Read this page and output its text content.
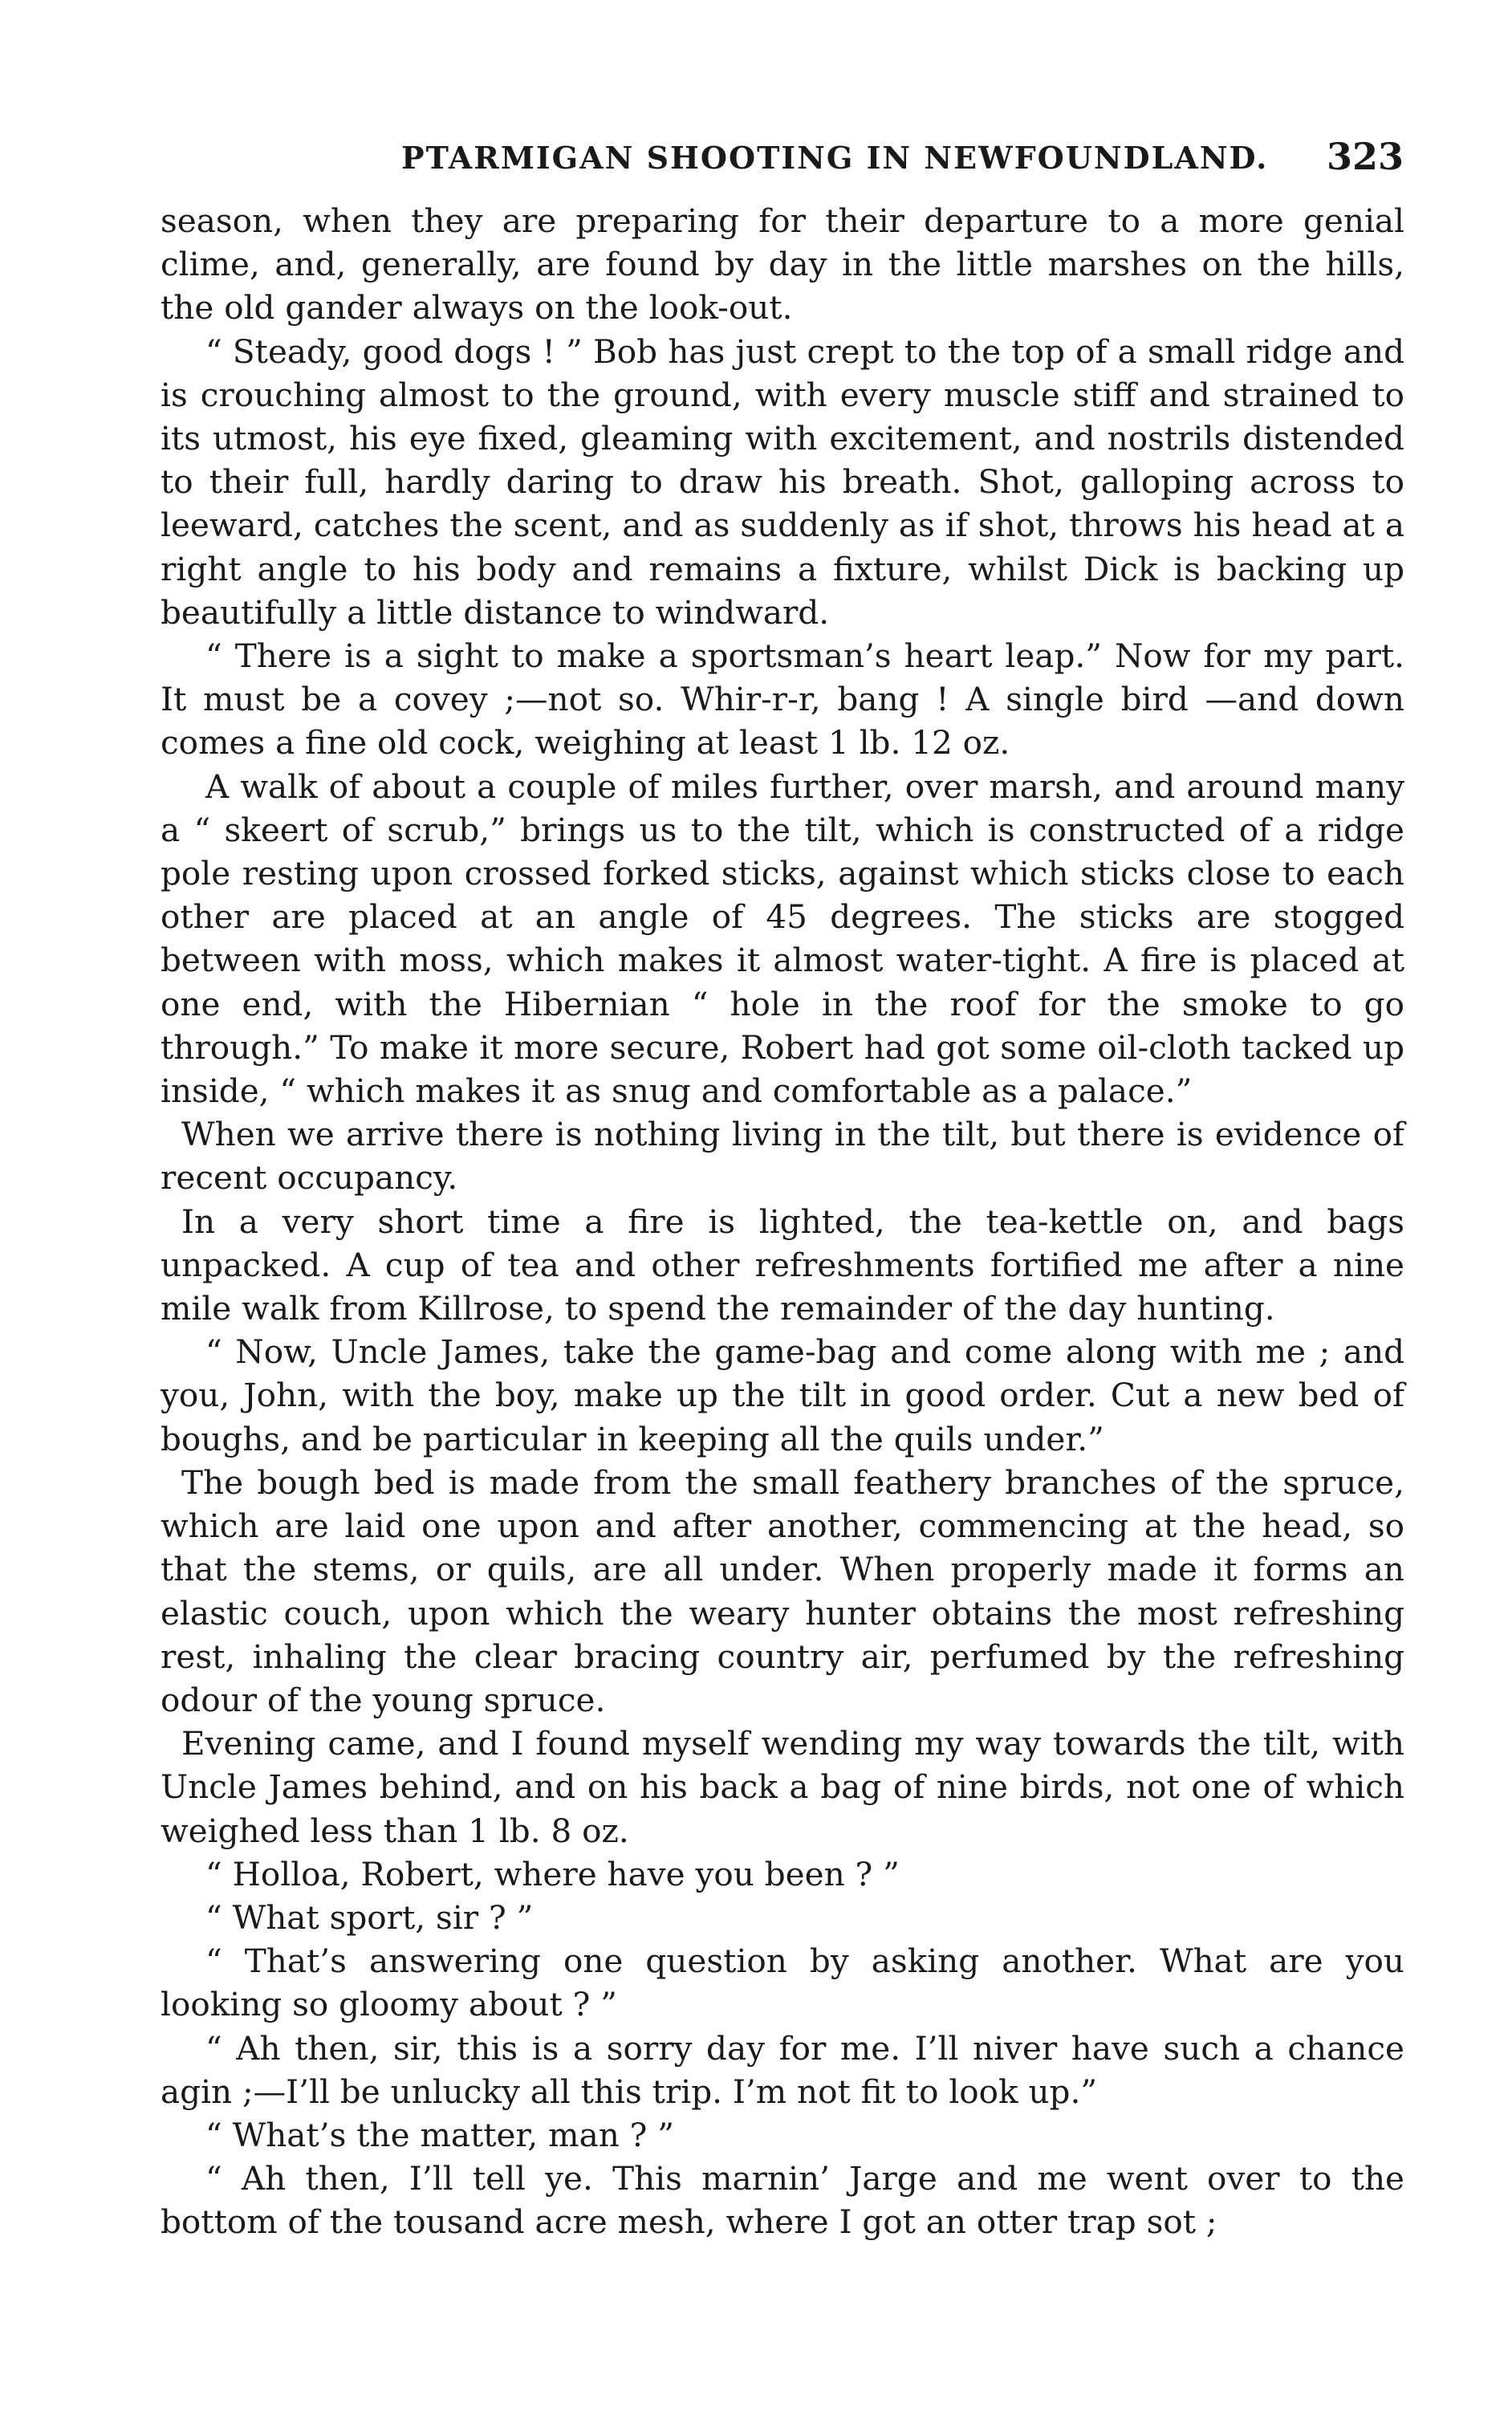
PTARMIGAN SHOOTING IN NEWFOUNDLAND. 323

season, when they are preparing for their departure to a more genial clime, and, generally, are found by day in the little marshes on the hills, the old gander always on the look-out.

“ Steady, good dogs ! ” Bob has just crept to the top of a small ridge and is crouching almost to the ground, with every muscle stiff and strained to its utmost, his eye fixed, gleaming with excitement, and nostrils distended to their full, hardly daring to draw his breath. Shot, galloping across to leeward, catches the scent, and as suddenly as if shot, throws his head at a right angle to his body and remains a fixture, whilst Dick is backing up beautifully a little distance to windward.

“ There is a sight to make a sportsman’s heart leap.” Now for my part. It must be a covey ;—not so. Whir-r-r, bang ! A single bird —and down comes a fine old cock, weighing at least 1 lb. 12 oz.

A walk of about a couple of miles further, over marsh, and around many a “ skeert of scrub,” brings us to the tilt, which is constructed of a ridge pole resting upon crossed forked sticks, against which sticks close to each other are placed at an angle of 45 degrees. The sticks are stogged between with moss, which makes it almost water-tight. A fire is placed at one end, with the Hibernian “ hole in the roof for the smoke to go through.” To make it more secure, Robert had got some oil-cloth tacked up inside, “ which makes it as snug and comfortable as a palace.”

When we arrive there is nothing living in the tilt, but there is evidence of recent occupancy.

In a very short time a fire is lighted, the tea-kettle on, and bags unpacked. A cup of tea and other refreshments fortified me after a nine mile walk from Killrose, to spend the remainder of the day hunting.

“ Now, Uncle James, take the game-bag and come along with me ; and you, John, with the boy, make up the tilt in good order. Cut a new bed of boughs, and be particular in keeping all the quils under.”

The bough bed is made from the small feathery branches of the spruce, which are laid one upon and after another, commencing at the head, so that the stems, or quils, are all under. When properly made it forms an elastic couch, upon which the weary hunter obtains the most refreshing rest, inhaling the clear bracing country air, perfumed by the refreshing odour of the young spruce.

Evening came, and I found myself wending my way towards the tilt, with Uncle James behind, and on his back a bag of nine birds, not one of which weighed less than 1 lb. 8 oz.

“ Holloa, Robert, where have you been ? ”

“ What sport, sir ? ”

“ That’s answering one question by asking another. What are you looking so gloomy about ? ”

“ Ah then, sir, this is a sorry day for me. I’ll niver have such a chance agin ;—I’ll be unlucky all this trip. I’m not fit to look up.”

“ What’s the matter, man ? ”

“ Ah then, I’ll tell ye. This marnin’ Jarge and me went over to the bottom of the tousand acre mesh, where I got an otter trap sot ;
